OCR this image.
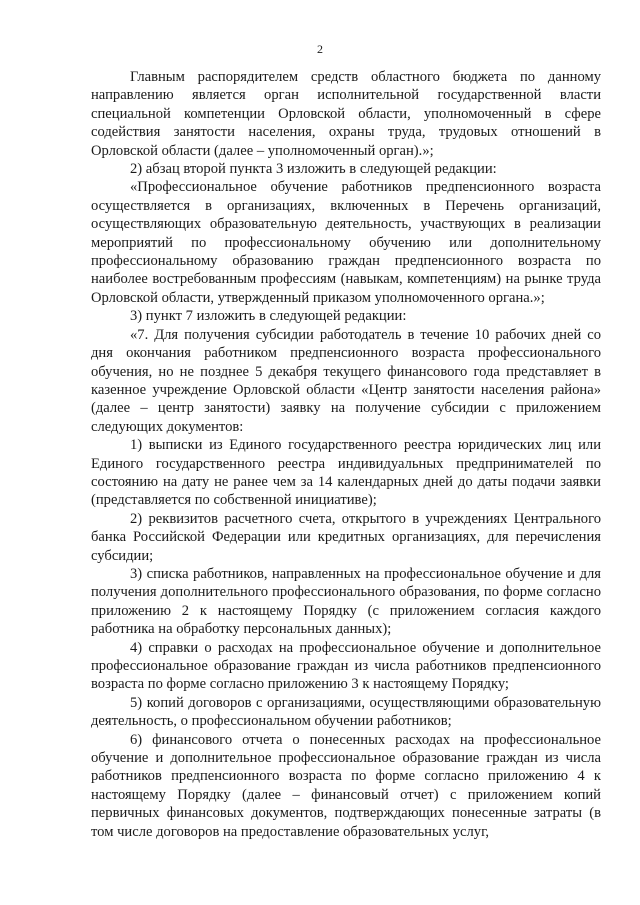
2

Главным распорядителем средств областного бюджета по данному направлению является орган исполнительной государственной власти специальной компетенции Орловской области, уполномоченный в сфере содействия занятости населения, охраны труда, трудовых отношений в Орловской области (далее – уполномоченный орган).»;

2) абзац второй пункта 3 изложить в следующей редакции:

«Профессиональное обучение работников предпенсионного возраста осуществляется в организациях, включенных в Перечень организаций, осуществляющих образовательную деятельность, участвующих в реализации мероприятий по профессиональному обучению или дополнительному профессиональному образованию граждан предпенсионного возраста по наиболее востребованным профессиям (навыкам, компетенциям) на рынке труда Орловской области, утвержденный приказом уполномоченного органа.»;

3) пункт 7 изложить в следующей редакции:

«7. Для получения субсидии работодатель в течение 10 рабочих дней со дня окончания работником предпенсионного возраста профессионального обучения, но не позднее 5 декабря текущего финансового года представляет в казенное учреждение Орловской области «Центр занятости населения района» (далее – центр занятости) заявку на получение субсидии с приложением следующих документов:

1) выписки из Единого государственного реестра юридических лиц или Единого государственного реестра индивидуальных предпринимателей по состоянию на дату не ранее чем за 14 календарных дней до даты подачи заявки (представляется по собственной инициативе);

2) реквизитов расчетного счета, открытого в учреждениях Центрального банка Российской Федерации или кредитных организациях, для перечисления субсидии;

3) списка работников, направленных на профессиональное обучение и для получения дополнительного профессионального образования, по форме согласно приложению 2 к настоящему Порядку (с приложением согласия каждого работника на обработку персональных данных);

4) справки о расходах на профессиональное обучение и дополнительное профессиональное образование граждан из числа работников предпенсионного возраста по форме согласно приложению 3 к настоящему Порядку;

5) копий договоров с организациями, осуществляющими образовательную деятельность, о профессиональном обучении работников;

6) финансового отчета о понесенных расходах на профессиональное обучение и дополнительное профессиональное образование граждан из числа работников предпенсионного возраста по форме согласно приложению 4 к настоящему Порядку (далее – финансовый отчет) с приложением копий первичных финансовых документов, подтверждающих понесенные затраты (в том числе договоров на предоставление образовательных услуг,
